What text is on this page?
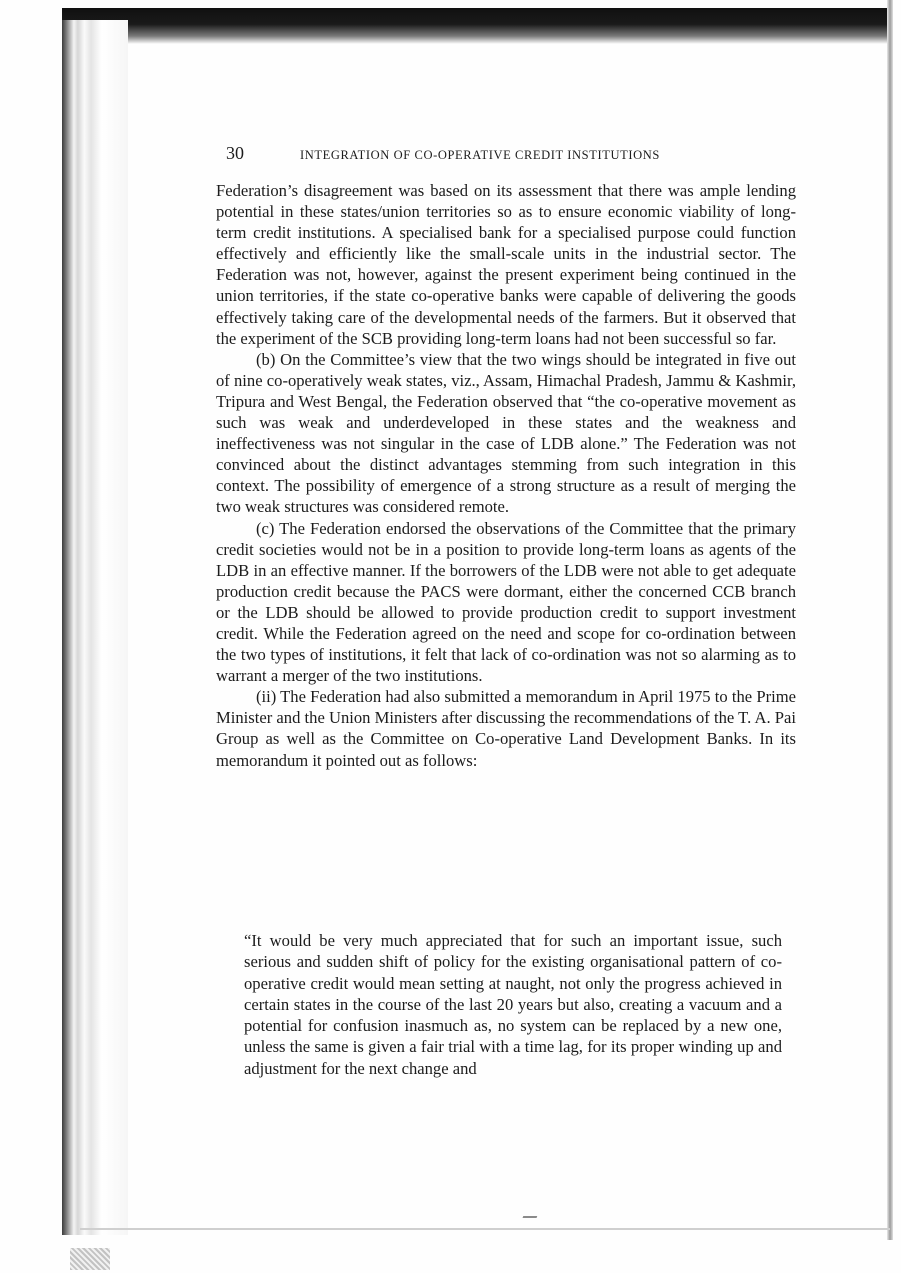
30	INTEGRATION OF CO-OPERATIVE CREDIT INSTITUTIONS

Federation’s disagreement was based on its assessment that there was ample lending potential in these states/union territories so as to ensure economic viability of long-term credit institutions. A specialised bank for a specialised purpose could function effectively and efficiently like the small-scale units in the industrial sector. The Federation was not, however, against the present experiment being continued in the union territories, if the state co-operative banks were capable of delivering the goods effectively taking care of the developmental needs of the farmers. But it observed that the experiment of the SCB providing long-term loans had not been successful so far.

(b) On the Committee’s view that the two wings should be integrated in five out of nine co-operatively weak states, viz., Assam, Himachal Pradesh, Jammu & Kashmir, Tripura and West Bengal, the Federation observed that “the co-operative movement as such was weak and underdeveloped in these states and the weakness and ineffectiveness was not singular in the case of LDB alone.” The Federation was not convinced about the distinct advantages stemming from such integration in this context. The possibility of emergence of a strong structure as a result of merging the two weak structures was considered remote.

(c) The Federation endorsed the observations of the Committee that the primary credit societies would not be in a position to provide long-term loans as agents of the LDB in an effective manner. If the borrowers of the LDB were not able to get adequate production credit because the PACS were dormant, either the concerned CCB branch or the LDB should be allowed to provide production credit to support investment credit. While the Federation agreed on the need and scope for co-ordination between the two types of institutions, it felt that lack of co-ordination was not so alarming as to warrant a merger of the two institutions.

(ii) The Federation had also submitted a memorandum in April 1975 to the Prime Minister and the Union Ministers after discussing the recommendations of the T. A. Pai Group as well as the Committee on Co-operative Land Development Banks. In its memorandum it pointed out as follows:

“It would be very much appreciated that for such an important issue, such serious and sudden shift of policy for the existing organisational pattern of co-operative credit would mean setting at naught, not only the progress achieved in certain states in the course of the last 20 years but also, creating a vacuum and a potential for confusion inasmuch as, no system can be replaced by a new one, unless the same is given a fair trial with a time lag, for its proper winding up and adjustment for the next change and
